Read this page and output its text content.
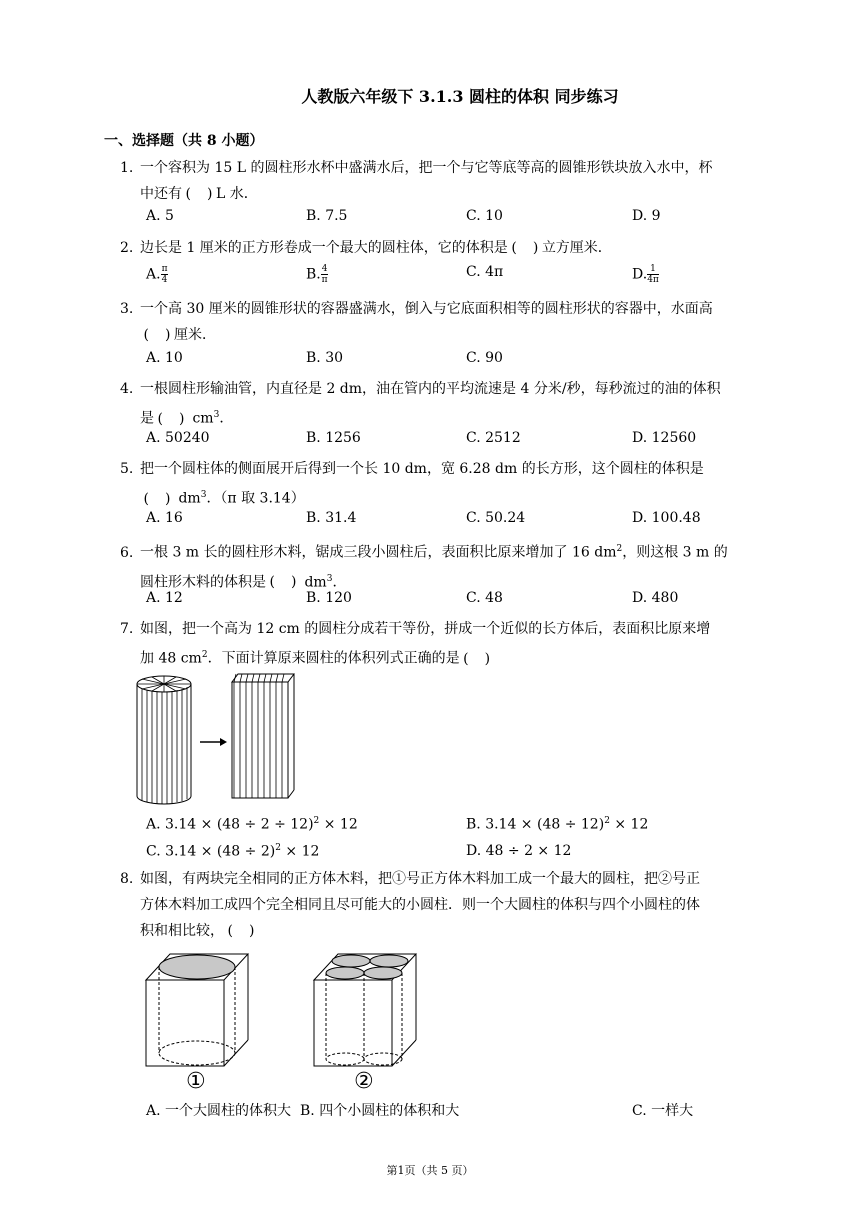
人教版六年级下 3.1.3 圆柱的体积 同步练习
一、选择题（共 8 小题）
1. 一个容积为 15 L 的圆柱形水杯中盛满水后，把一个与它等底等高的圆锥形铁块放入水中，杯
中还有 ( ) L 水．
A. 5	B. 7.5	C. 10	D. 9
2. 边长是 1 厘米的正方形卷成一个最大的圆柱体，它的体积是 ( ) 立方厘米．
A. $\frac{\pi}{4}$	B. $\frac{4}{\pi}$	C. 4π	D. $\frac{1}{4\pi}$
3. 一个高 30 厘米的圆锥形状的容器盛满水，倒入与它底面积相等的圆柱形状的容器中，水面高
( )厘米．
A. 10	B. 30	C. 90
4. 一根圆柱形输油管，内直径是 2 dm，油在管内的平均流速是 4 分米/秒，每秒流过的油的体积
是 ( )	$cm^3$．
A. 50240	B. 1256	C. 2512	D. 12560
5. 把一个圆柱体的侧面展开后得到一个长 10 dm，宽 6.28 dm 的长方形，这个圆柱的体积是
( ) $dm^3$．（π 取 3.14）
A. 16	B. 31.4	C. 50.24	D. 100.48
6. 一根 3 m 长的圆柱形木料，锯成三段小圆柱后，表面积比原来增加了 16 $dm^2$，则这根 3 m 的
圆柱形木料的体积是 ( )	$dm^3$．
A. 12	B. 120	C. 48	D. 480
7. 如图，把一个高为 12 cm 的圆柱分成若干等份，拼成一个近似的长方体后，表面积比原来增
加 48 $cm^2$．下面计算原来圆柱的体积列式正确的是( )
A. $3.14 \times (48 \div 2 \div 12)^2 \times 12$	B. $3.14 \times (48 \div 12)^2 \times 12$
C. $3.14 \times (48 \div 2)^2 \times 12$	D. 48 ÷ 2 × 12
8. 如图，有两块完全相同的正方体木料，把①号正方体木料加工成一个最大的圆柱，把②号正
方体木料加工成四个完全相同且尽可能大的小圆柱．则一个大圆柱的体积与四个小圆柱的体
积和相比较，( )
①	②
A. 一个大圆柱的体积大 B. 四个小圆柱的体积和大	C. 一样大
第1页（共 5 页）
